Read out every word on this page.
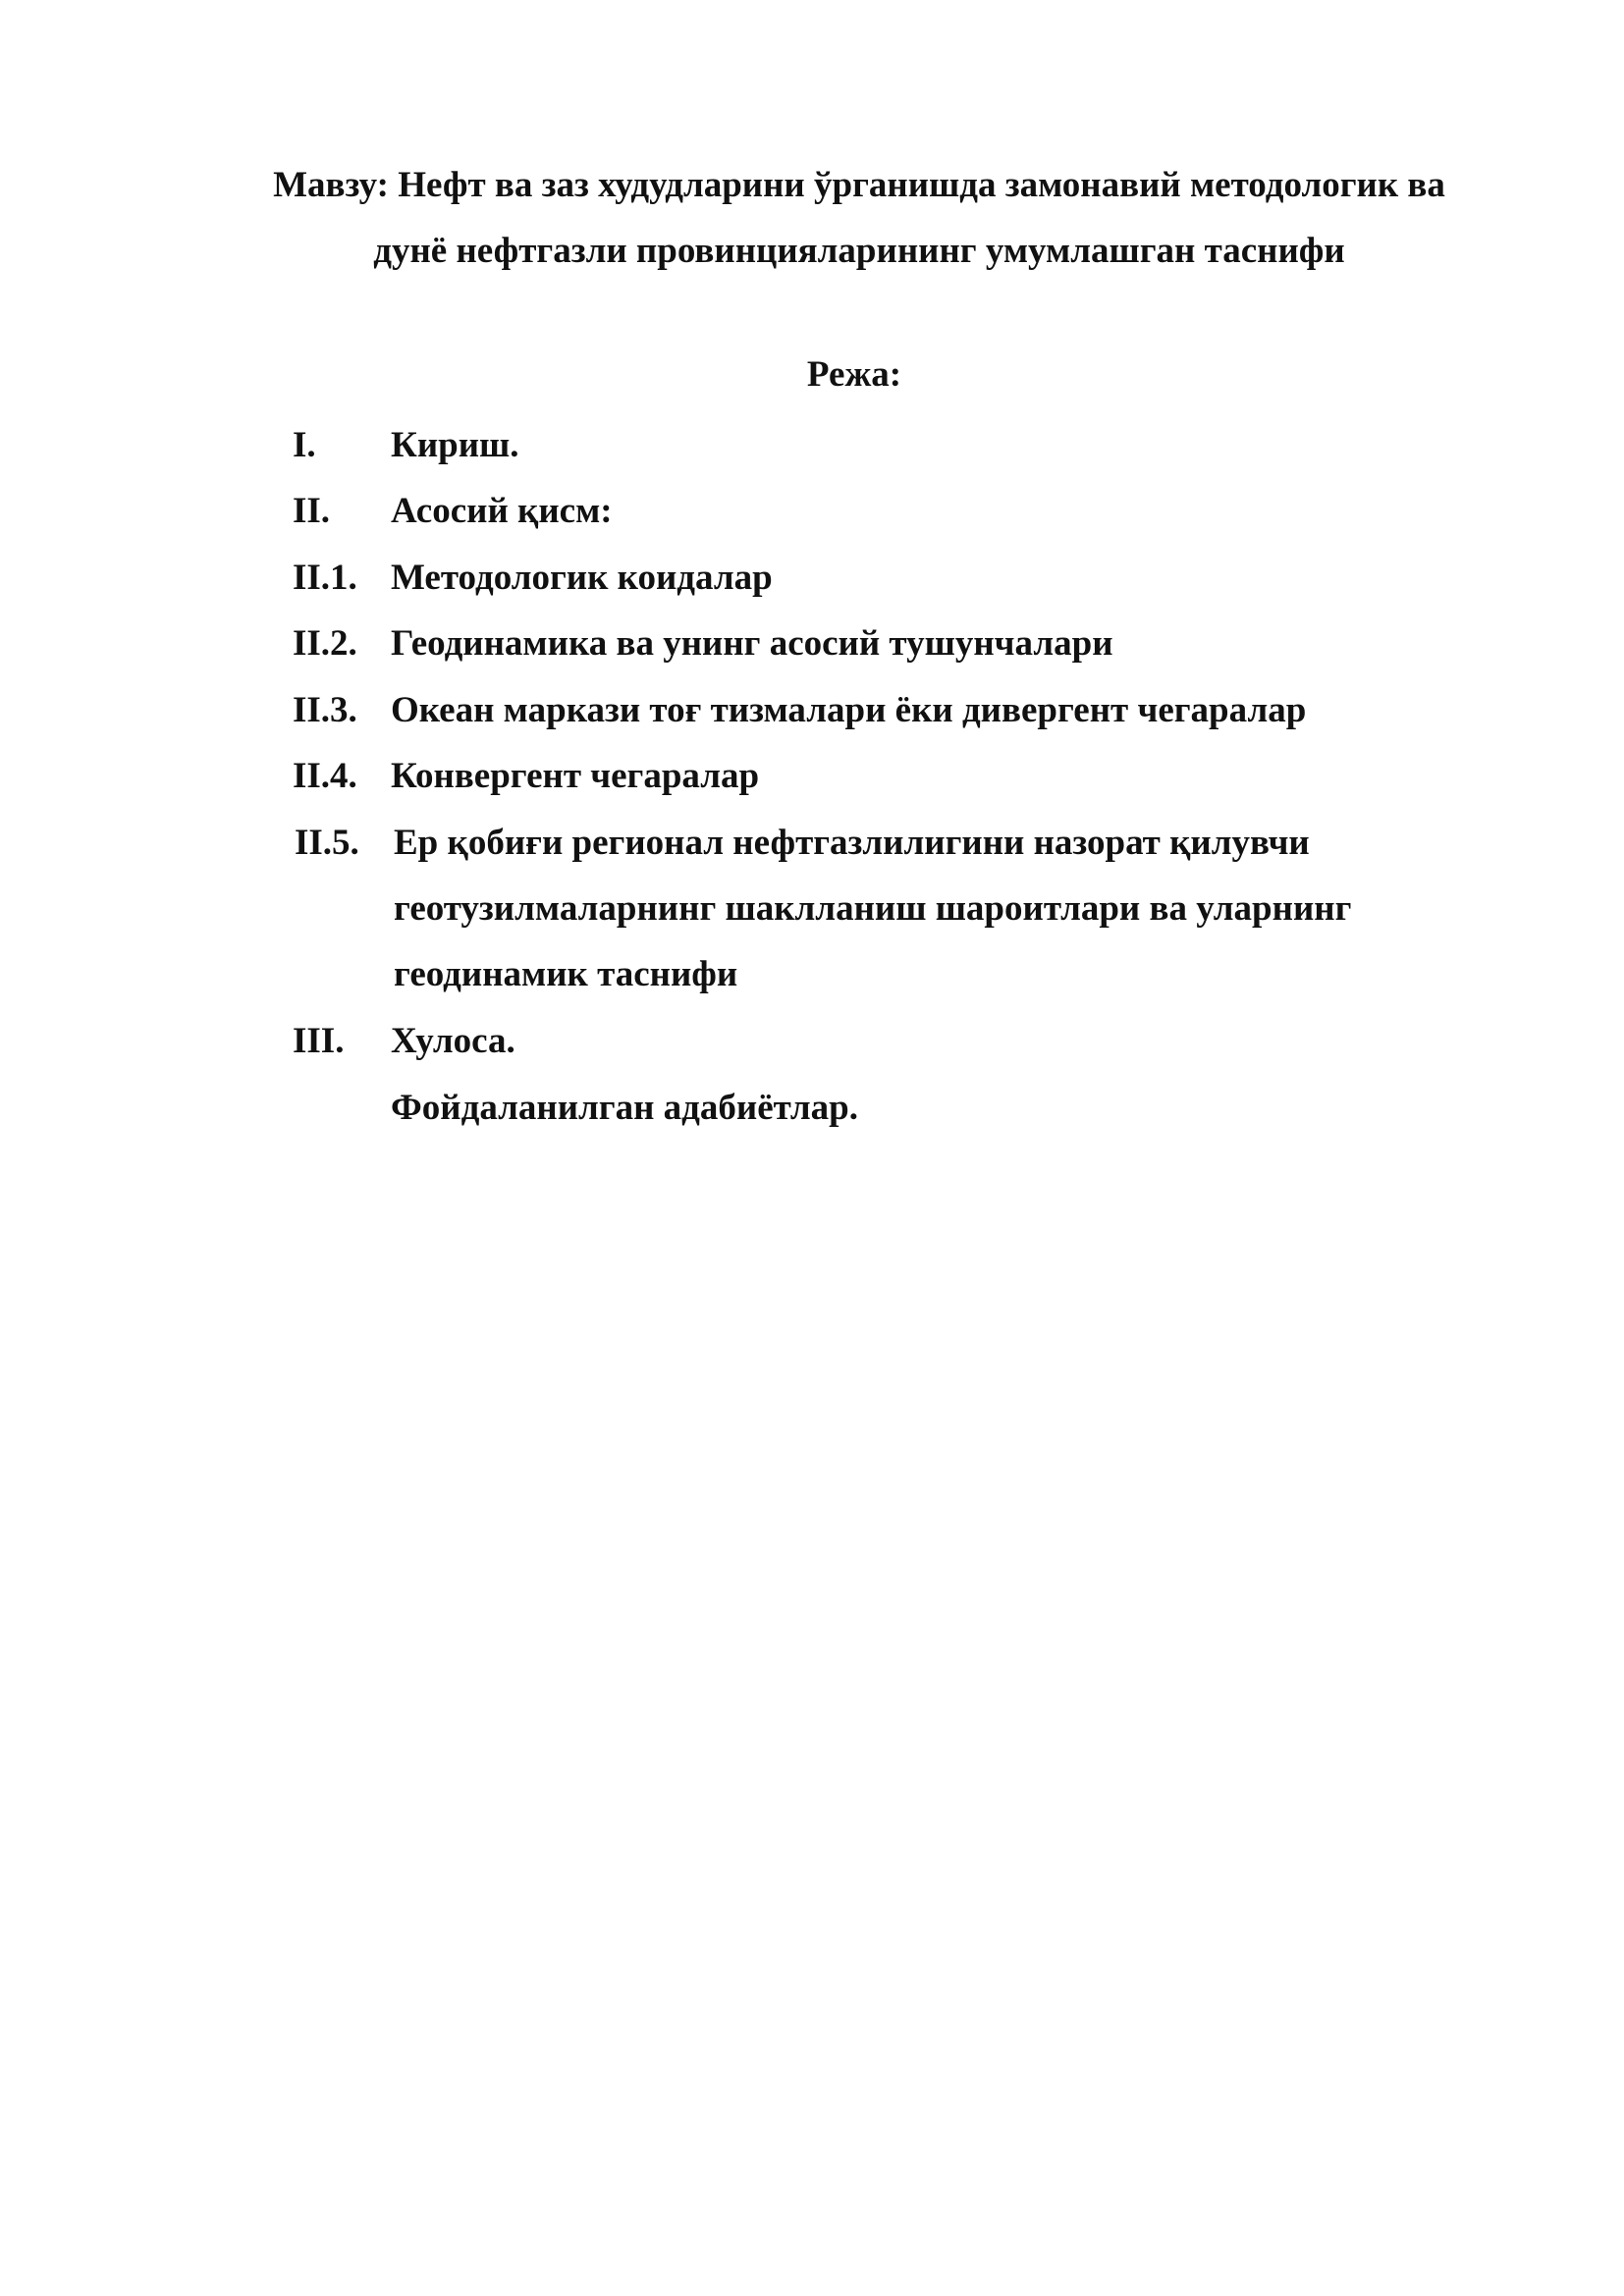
Мавзу: Нефт ва заз худудларини ўрганишда замонавий методологик ва
дунё нефтгазли провинцияларининг умумлашган таснифи
Режа:
I. Кириш.
II. Асосий қисм:
II.1. Методологик коидалар
II.2. Геодинамика ва унинг асосий тушунчалари
II.3. Океан маркази тоғ тизмалари ёки дивергент чегаралар
II.4. Конвергент чегаралар
II.5. Ер қобиғи регионал нефтгазлилигини назорат қилувчи
геотузилмаларнинг шаклланиш шароитлари ва уларнинг
геодинамик таснифи
III. Хулоса.
Фойдаланилган адабиётлар.
